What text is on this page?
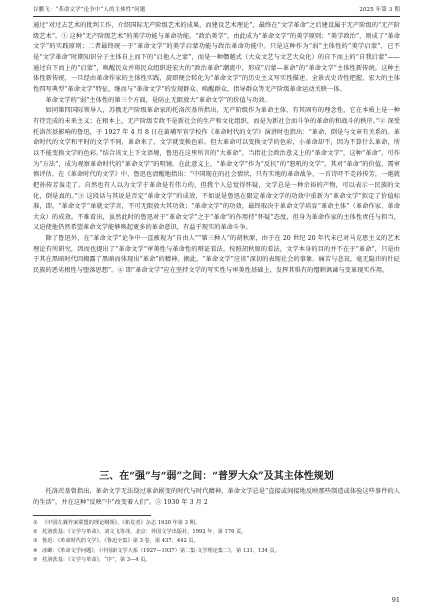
谷鹏飞：“革命文学”论争中“人的主体性”问题	2025 年第 3 期

通过“对过去艺术的批判工作，介绍国际无产阶级艺术的成果，而建设艺术理论”，最终在“文学革命”之后建设属于无产阶级的“无产阶级艺术”。① 这种“无产阶级艺术”的美学功能与革命功能。“政治美学”，由此成为“革命文学”的美学原则；“美学政治”，则成了“革命文学”的实践原则；二者最终统一于“革命文学”的美学启蒙功能与政治革命功能中。只是这种作为“弱”主体性的“美学启蒙”，已不是“文学革命”时期知识分子主体自上而下的“启他人之蒙”，而是一种僭越式（大众文艺与文艺大众化）的自下而上的“自我启蒙”——通过自下而上的“启蒙”，唤醒民众并将民众组织进宏大的“政治革命”潮流中，形成“启蒙—革命”的“革命文学”主体性新传统。这种主体性新传统，一旦经由革命作家的主体性实践，旋即便会转化为“革命文学”的历史主义写实性描述、全景式史诗性把握、宏大的主体性四写典型“革命文学”特征，继而与“革命文学”的发现群众、唤醒群众、指导群众等无产阶级革命运动关联一体。

革命文学的“弱”主体性的第三个方面，是防止无限放大“革命文学”的价值与功效。

如同第四国际领导人，苏俄无产阶级革命家的托洛茨基所指出，无产阶级作为革命主体，有其固有的理念性，它在本质上是一种有待完成的未来主义；在根本上，无产阶级专政不是新社会的生产和文化组织，而是为新社会而斗争的革命的和战斗的秩序。”② 深受托洛茨基影响的鲁迅，于 1927 年 4 月 8 日在黄埔军官学校作《革命时代的文学》演讲时也指出：“革命，倒是与文章有关系的。革命时代的文学和平时的文学不同，革命来了，文学就变换色彩。但大革命可以变换文学的色彩，小革命却不，因为不算什么革命，所以不能变换文学的色彩。”结合该文上下文语境，鲁迅在这里所言的“大革命”，当指社会政治意义上的“革命文学”，这种“革命”，可作为“方法”，成为观察革命时代的“革命文学”的明镜。在此意义上，“革命文学”作为“反抗”的“怒吼的文学”，其对“革命”的价值，需审慎评估。在《革命时代的文学》中，鲁迅也清醒地指出：“中国现在的社会情状，只有实地的革命战争，一首诗吓不走孙传芳，一炮就把孙传芳轰走了。自然也有人以为文学于革命是有伟力的，但我个人总觉得怀疑，文学总是一种余裕的产物，可以表示一民族的文化，倒是真的。”③ 这段话与其说是否定“革命文学”的成效，不如说是鲁迅在限定革命文学的功效中重新为“革命文学”拟定了价值标准，即，“革命文学”单就文学言，不可无限放大其功效；“革命文学”的功效，最终取决于革命文学培育“革命主体”（革命作家、革命大众）的成效。不难看出，虽然此时的鲁迅对于“革命文学”之于“革命”的作用持“怀疑”态度，但身为革命作家的主体性责任与担当，又迫使他仍然希望革命文学能够唤起更多的革命意识，有益于现实的革命斗争。

除了鲁迅外，在“革命文学”论争中一直被视为“自由人”“第三种人”的胡秋原，由于在 20 世纪 20 年代末已对马克思主义的艺术理论有所研究，因而也提出了“革命文学”审美性与革命性的辩证看法。按照胡秋原的看法，文学本身的目的并不在于“革命”，只是由于其在黑暗时代因揭露了黑暗而体现出“革命”的精神。据此，“革命文学”应该“深切的表现社会的事象。痛苦与悲哀，毫无隐讳的针砭民族的恶劣根性与堕落思想”。④ 即“革命文学”应在坚持文学的写实性与审美性基础上，发挥其惧有的憎刺讽谏与变革现实作用。

三、在“强”与“弱”之间：“普罗大众”及其主体性规划

托洛茨基曾指出，革命文学无法绕过革命剧变的时代与时代精神，革命文学总是“直接或间接地反映那些制造或体验这些事件的人的生活”，并在这种“反映”中“改变着人们”。⑤ 1930 年 3 月 2

① 《中国左翼作家联盟的理论纲领》，《拓荒者》杂志 1930 年第 3 期。
② 托洛茨基：《文学与革命》，刘文飞等译，北京：外国文学出版社，1992 年，第 176 页。
③ 鲁迅：《革命时代的文学》，《鲁迅全集》第 3 卷，第 437、442 页。
④ 冰蝉：《革命文学问题》，《中国新文学大系（1927—1937）第二集·文学理论集二》，第 131、134 页。
⑤ 托洛茨基：《文学与革命》，“序”，第 3—4 页。
91
